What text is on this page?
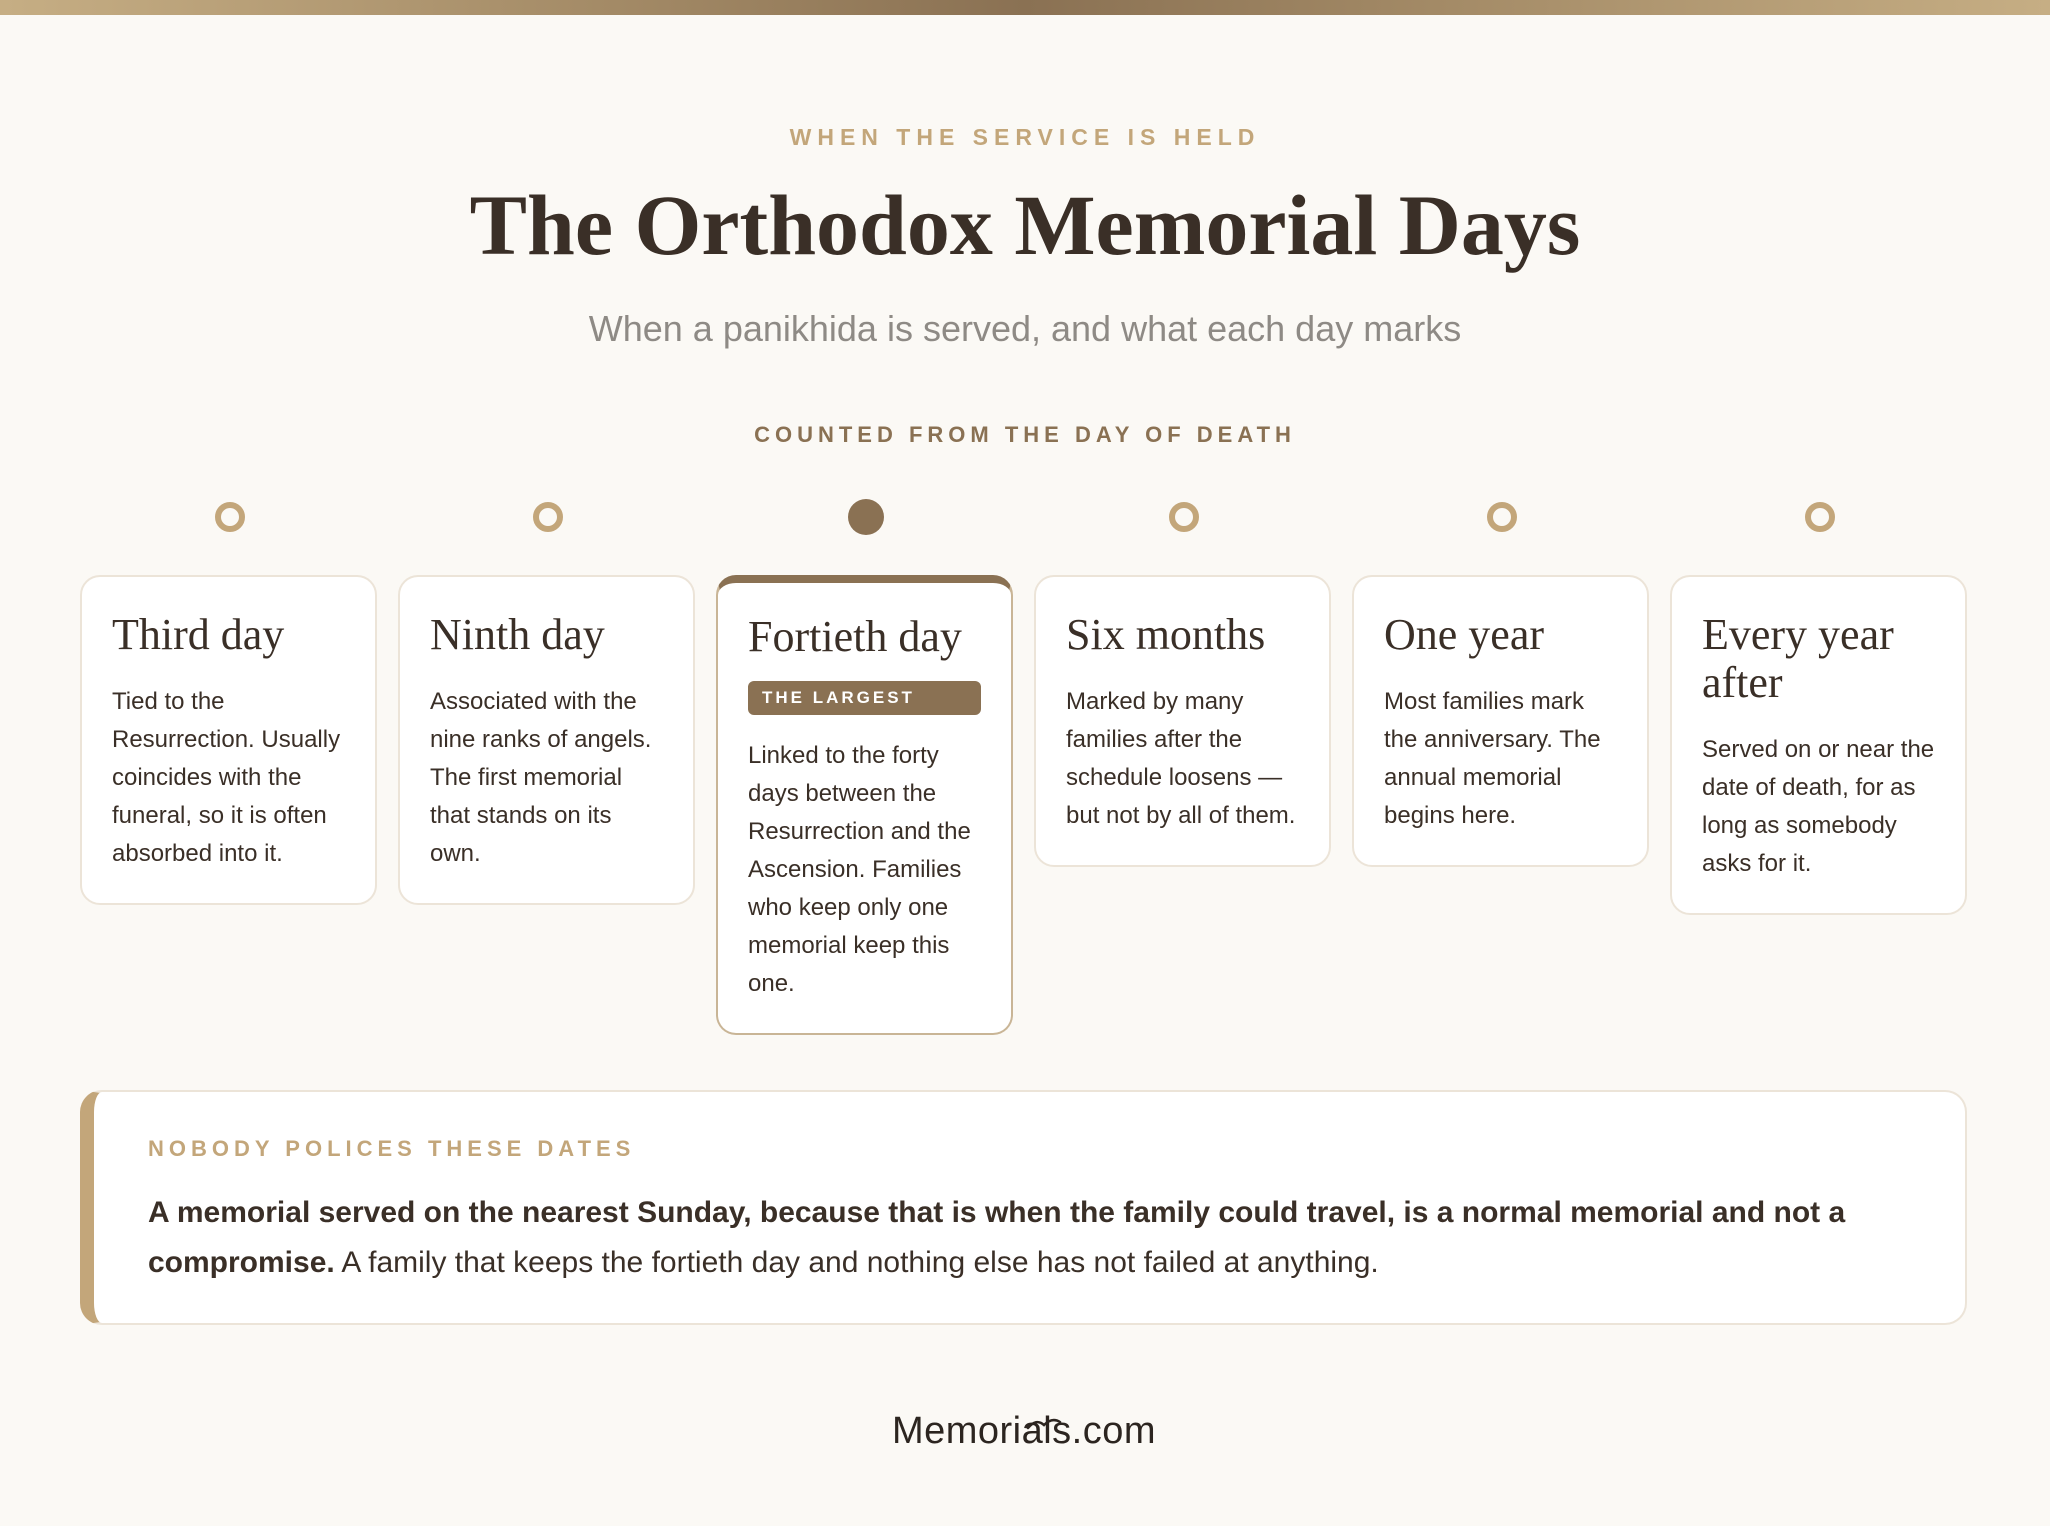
WHEN THE SERVICE IS HELD
The Orthodox Memorial Days
When a panikhida is served, and what each day marks
COUNTED FROM THE DAY OF DEATH
Third day

Tied to the Resurrection. Usually coincides with the funeral, so it is often absorbed into it.

Ninth day

Associated with the nine ranks of angels. The first memorial that stands on its own.

Fortieth day
THE LARGEST

Linked to the forty days between the Resurrection and the Ascension. Families who keep only one memorial keep this one.

Six months

Marked by many families after the schedule loosens — but not by all of them.

One year

Most families mark the anniversary. The annual memorial begins here.

Every year after

Served on or near the date of death, for as long as somebody asks for it.

NOBODY POLICES THESE DATES
A memorial served on the nearest Sunday, because that is when the family could travel, is a normal memorial and not a compromise. A family that keeps the fortieth day and nothing else has not failed at anything.
Memorials.com
